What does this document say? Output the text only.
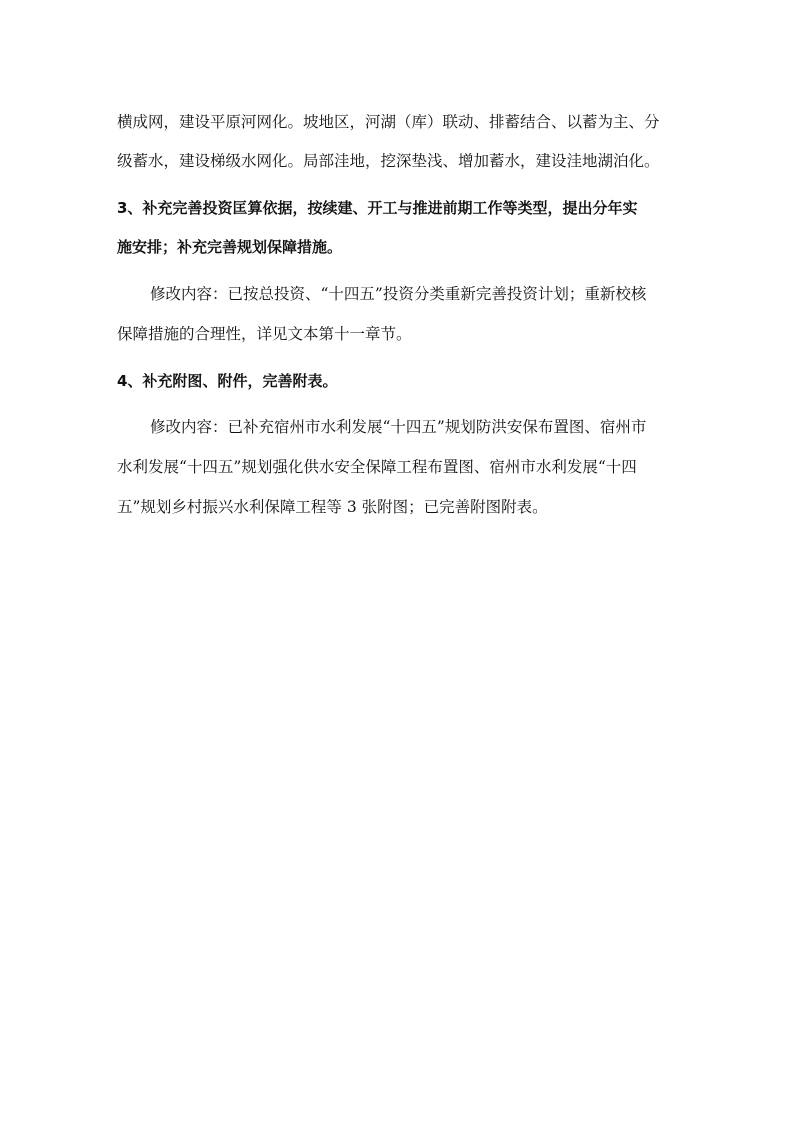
横成网，建设平原河网化。坡地区，河湖（库）联动、排蓄结合、以蓄为主、分
级蓄水，建设梯级水网化。局部洼地，挖深垫浅、增加蓄水，建设洼地湖泊化。
3、补充完善投资匡算依据，按续建、开工与推进前期工作等类型，提出分年实
施安排；补充完善规划保障措施。
修改内容：已按总投资、“十四五”投资分类重新完善投资计划；重新校核
保障措施的合理性，详见文本第十一章节。
4、补充附图、附件，完善附表。
修改内容：已补充宿州市水利发展“十四五”规划防洪安保布置图、宿州市
水利发展“十四五”规划强化供水安全保障工程布置图、宿州市水利发展“十四
五”规划乡村振兴水利保障工程等 3 张附图；已完善附图附表。
